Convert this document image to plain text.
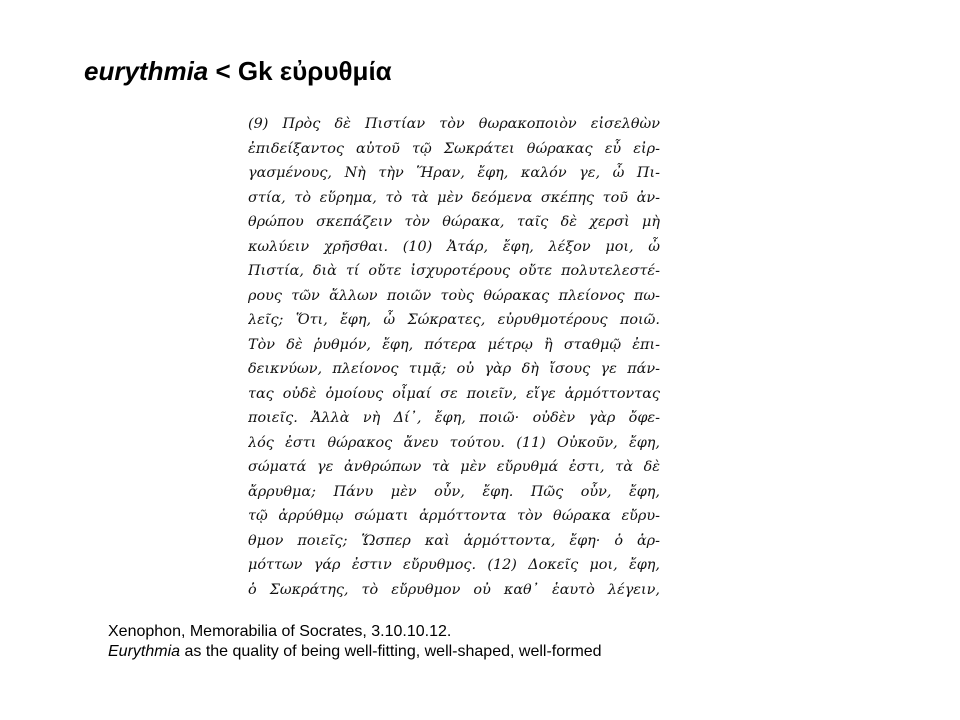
eurythmia < Gk εὐρυθμία
(9) Πρὸς δὲ Πιστίαν τὸν θωρακοποιὸν εἰσελθὼν
ἐπιδείξαντος αὐτοῦ τῷ Σωκράτει θώρακας εὖ εἰρ-
γασμένους, Νὴ τὴν Ἥραν, ἔφη, καλόν γε, ὦ Πι-
στία, τὸ εὕρημα, τὸ τὰ μὲν δεόμενα σκέπης τοῦ ἀν-
θρώπου σκεπάζειν τὸν θώρακα, ταῖς δὲ χερσὶ μὴ
κωλύειν χρῆσθαι. (10) Ἀτάρ, ἔφη, λέξον μοι, ὦ
Πιστία, διὰ τί οὔτε ἰσχυροτέρους οὔτε πολυτελεστέ-
ρους τῶν ἄλλων ποιῶν τοὺς θώρακας πλείονος πω-
λεῖς; Ὅτι, ἔφη, ὦ Σώκρατες, εὐρυθμοτέρους ποιῶ.
Τὸν δὲ ῥυθμόν, ἔφη, πότερα μέτρῳ ἢ σταθμῷ ἐπι-
δεικνύων, πλείονος τιμᾷ; οὐ γὰρ δὴ ἴσους γε πάν-
τας οὐδὲ ὁμοίους οἶμαί σε ποιεῖν, εἴγε ἁρμόττοντας
ποιεῖς. Ἀλλὰ νὴ Δί᾿, ἔφη, ποιῶ· οὐδὲν γὰρ ὄφε-
λός ἐστι θώρακος ἄνευ τούτου. (11) Οὐκοῦν, ἔφη,
σώματά γε ἀνθρώπων τὰ μὲν εὔρυθμά ἐστι, τὰ δὲ
ἄρρυθμα; Πάνυ μὲν οὖν, ἔφη. Πῶς οὖν, ἔφη,
τῷ ἀρρύθμῳ σώματι ἁρμόττοντα τὸν θώρακα εὔρυ-
θμον ποιεῖς; Ὥσπερ καὶ ἁρμόττοντα, ἔφη· ὁ ἁρ-
μόττων γάρ ἐστιν εὔρυθμος. (12) Δοκεῖς μοι, ἔφη,
ὁ Σωκράτης, τὸ εὔρυθμον οὐ καθ᾿ ἑαυτὸ λέγειν,
Xenophon, Memorabilia of Socrates, 3.10.10.12.
Eurythmia as the quality of being well-fitting, well-shaped, well-formed
